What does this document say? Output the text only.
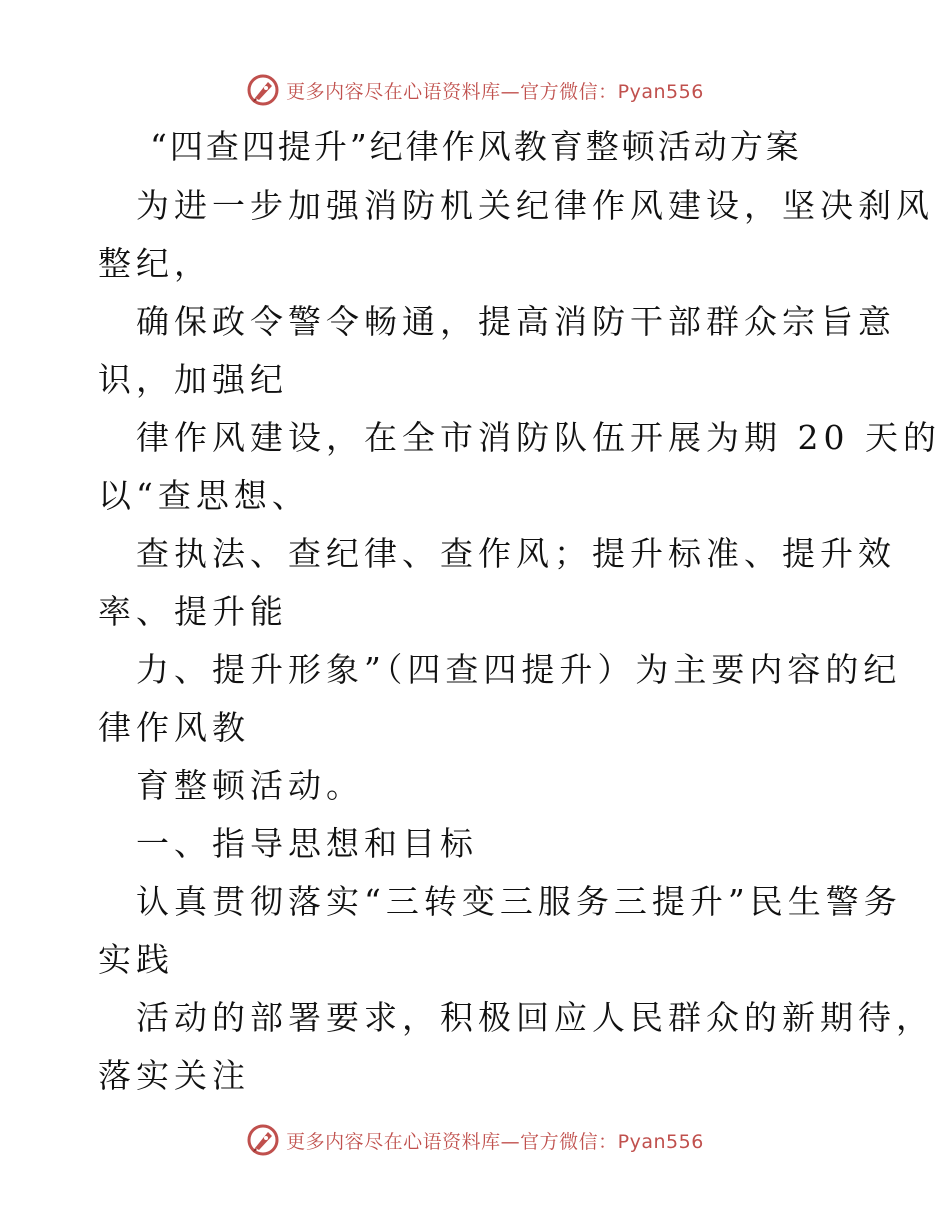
更多内容尽在心语资料库—官方微信：Pyan556
“四查四提升”纪律作风教育整顿活动方案
为进一步加强消防机关纪律作风建设，坚决刹风
整纪，
确保政令警令畅通，提高消防干部群众宗旨意
识，加强纪
律作风建设，在全市消防队伍开展为期 20 天的
以“查思想、
查执法、查纪律、查作风；提升标准、提升效
率、提升能
力、提升形象”（四查四提升）为主要内容的纪
律作风教
育整顿活动。
一、指导思想和目标
认真贯彻落实“三转变三服务三提升”民生警务
实践
活动的部署要求，积极回应人民群众的新期待，
落实关注
更多内容尽在心语资料库—官方微信：Pyan556
